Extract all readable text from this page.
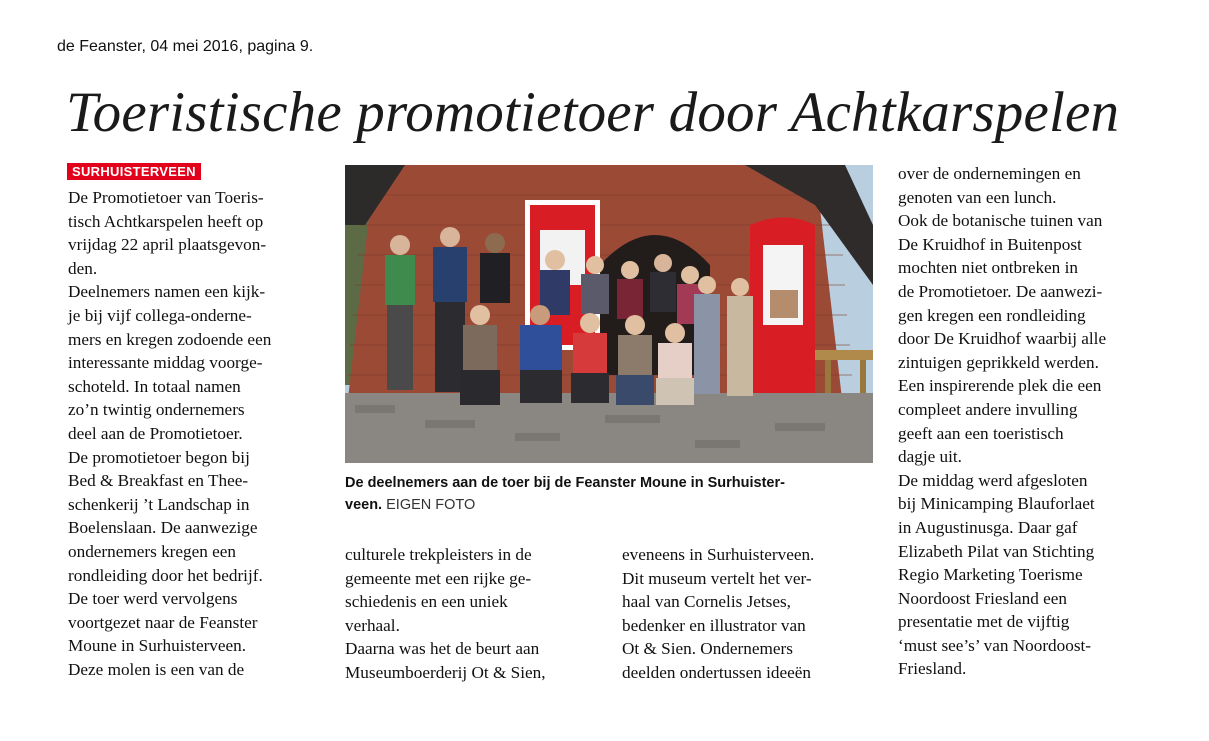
de Feanster, 04 mei 2016, pagina 9.
Toeristische promotietoer door Achtkarspelen
SURHUISTERVEEN

De Promotietoer van Toeris-

tisch Achtkarspelen heeft op

vrijdag 22 april plaatsgevon-

den.

Deelnemers namen een kijk-

je bij vijf collega-onderne-

mers en kregen zodoende een

interessante middag voorge-

schoteld. In totaal namen

zo’n twintig ondernemers

deel aan de Promotietoer.

De promotietoer begon bij

Bed & Breakfast en Thee-

schenkerij ’t Landschap in

Boelenslaan. De aanwezige

ondernemers kregen een

rondleiding door het bedrijf.

De toer werd vervolgens

voortgezet naar de Feanster

Moune in Surhuisterveen.

Deze molen is een van de

culturele trekpleisters in de

gemeente met een rijke ge-

schiedenis en een uniek

verhaal.

Daarna was het de beurt aan

Museumboerderij Ot & Sien,

eveneens in Surhuisterveen.

Dit museum vertelt het ver-

haal van Cornelis Jetses,

bedenker en illustrator van

Ot & Sien. Ondernemers

deelden ondertussen ideeën

over de ondernemingen en

genoten van een lunch.

Ook de botanische tuinen van

De Kruidhof in Buitenpost

mochten niet ontbreken in

de Promotietoer. De aanwezi-

gen kregen een rondleiding

door De Kruidhof waarbij alle

zintuigen geprikkeld werden.

Een inspirerende plek die een

compleet andere invulling

geeft aan een toeristisch

dagje uit.

De middag werd afgesloten

bij Minicamping Blauforlaet

in Augustinusga. Daar gaf

Elizabeth Pilat van Stichting

Regio Marketing Toerisme

Noordoost Friesland een

presentatie met de vijftig

‘must see’s’ van Noordoost-

Friesland.

De deelnemers aan de toer bij de Feanster Moune in Surhuister-
veen. EIGEN FOTO
